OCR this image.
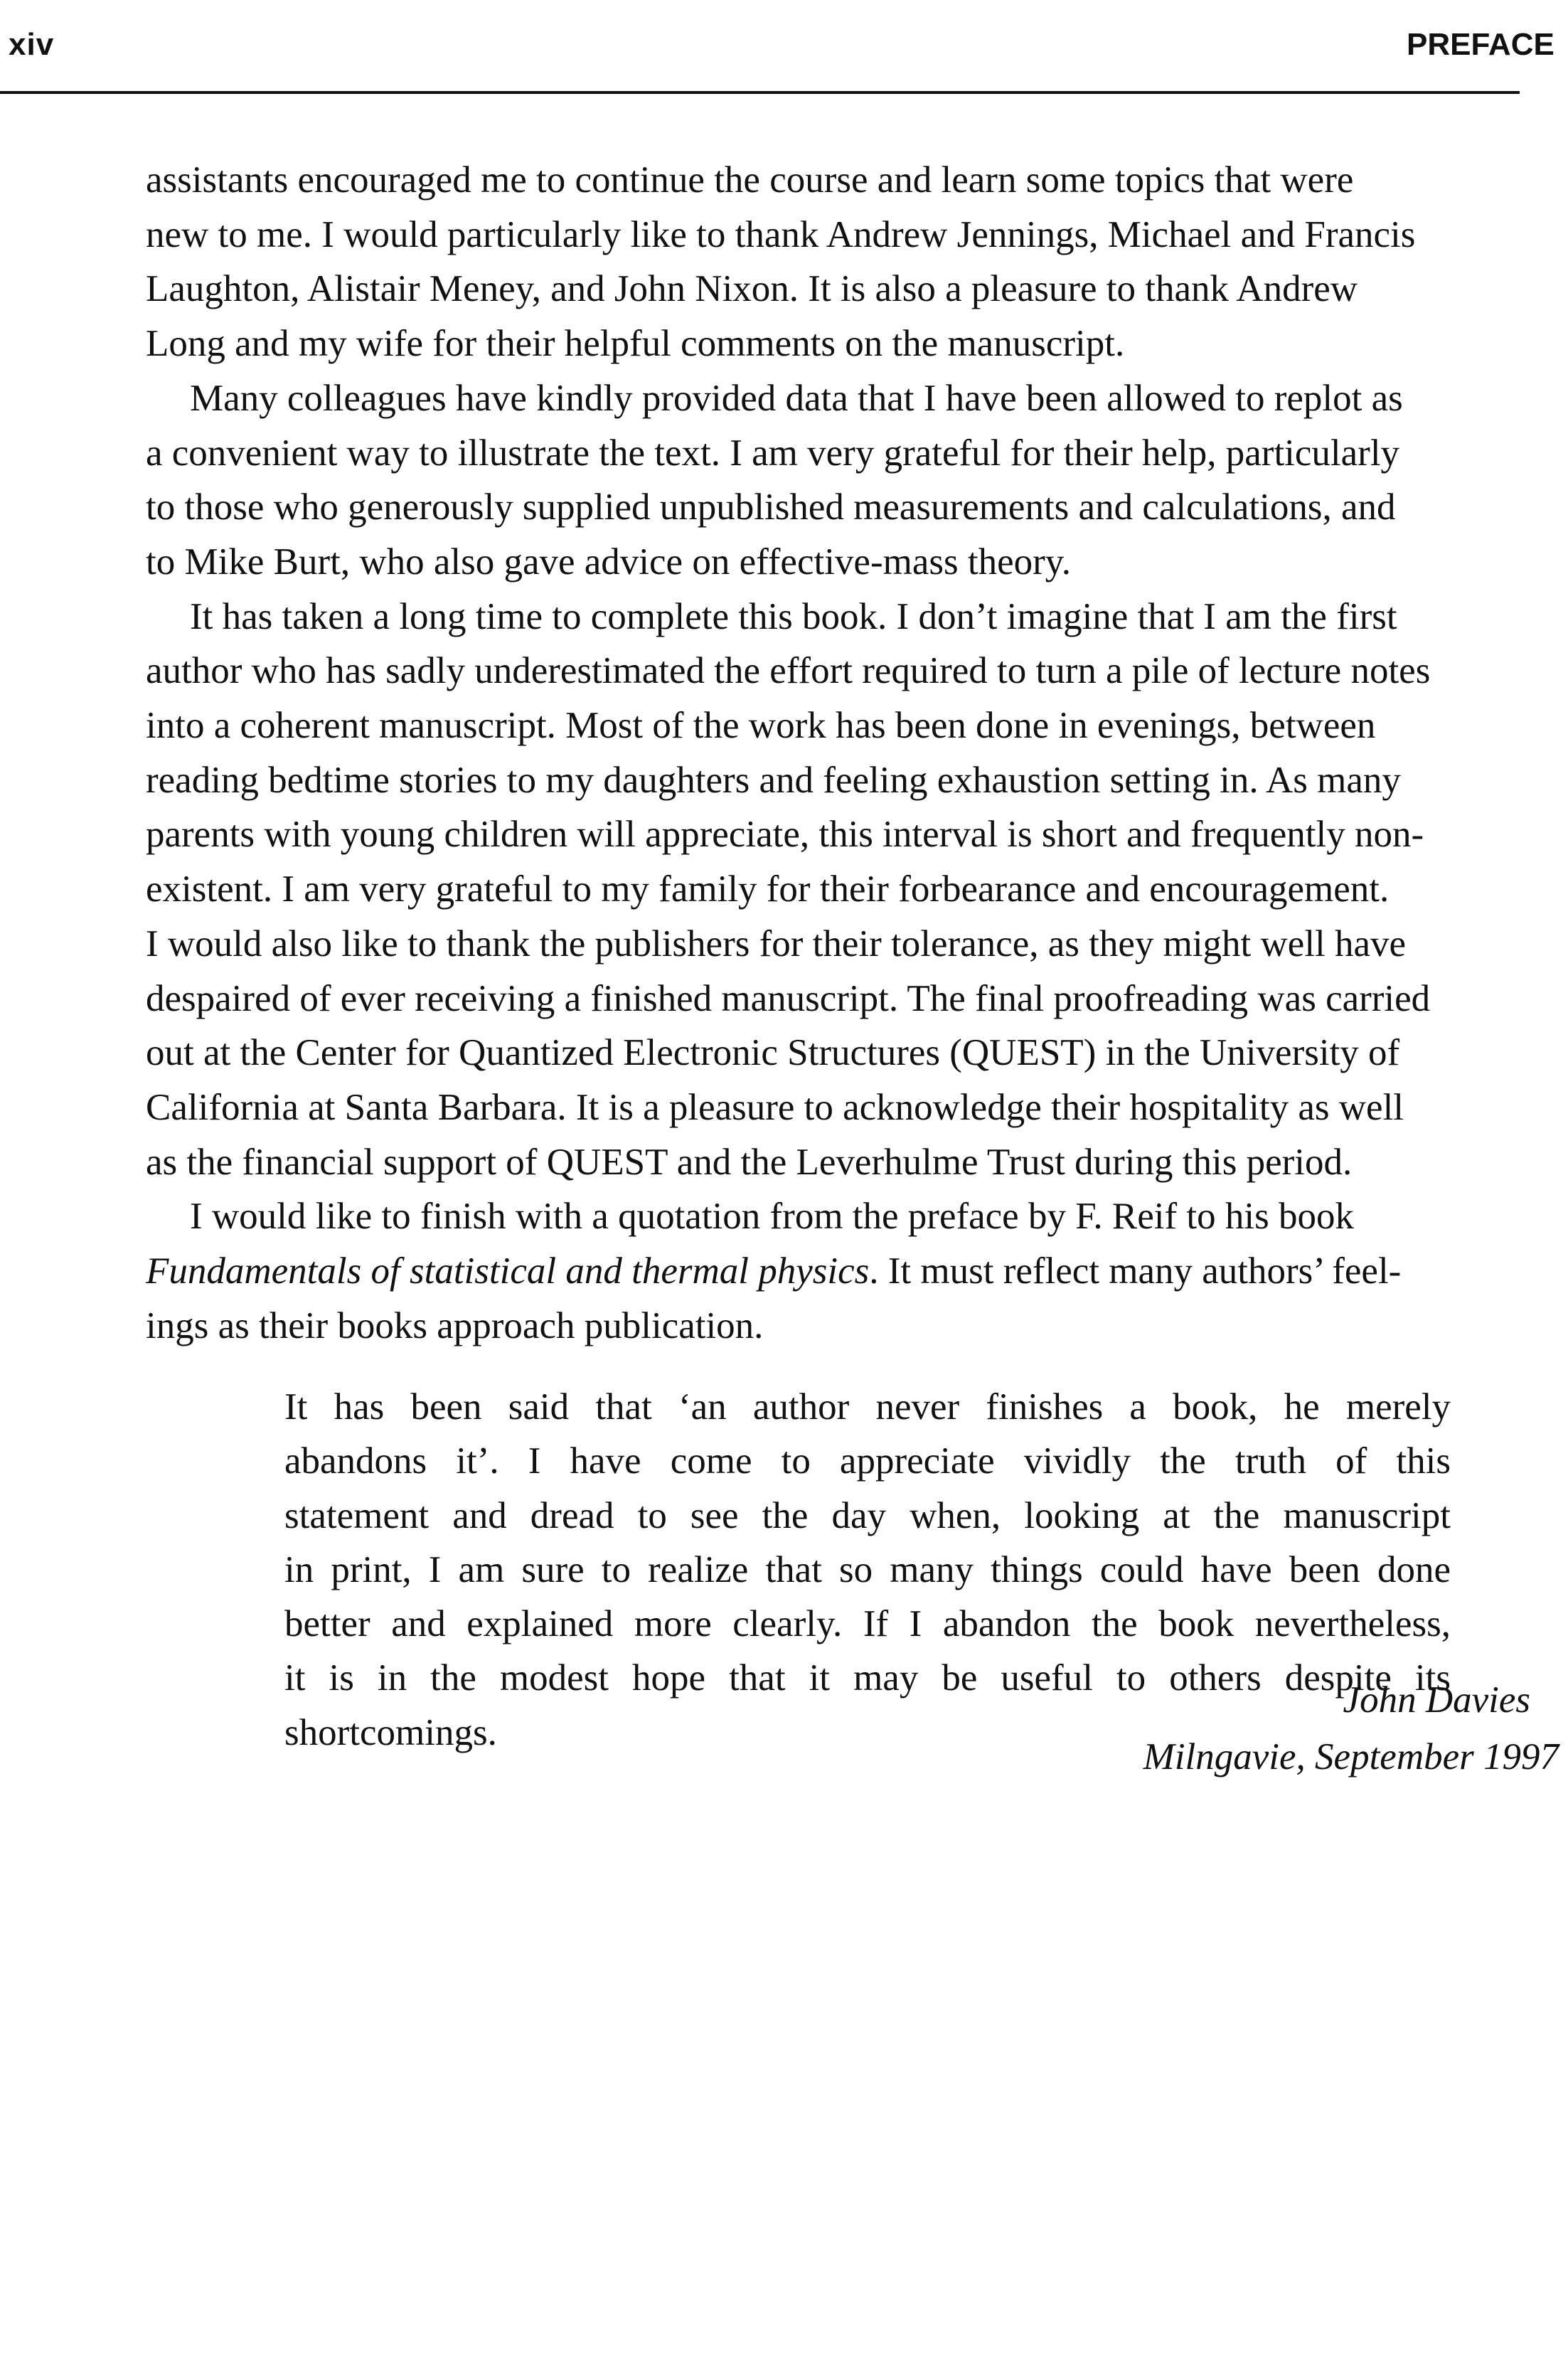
xiv	PREFACE

assistants encouraged me to continue the course and learn some topics that were
new to me. I would particularly like to thank Andrew Jennings, Michael and Francis
Laughton, Alistair Meney, and John Nixon. It is also a pleasure to thank Andrew
Long and my wife for their helpful comments on the manuscript.

Many colleagues have kindly provided data that I have been allowed to replot as
a convenient way to illustrate the text. I am very grateful for their help, particularly
to those who generously supplied unpublished measurements and calculations, and
to Mike Burt, who also gave advice on effective-mass theory.

It has taken a long time to complete this book. I don’t imagine that I am the first
author who has sadly underestimated the effort required to turn a pile of lecture notes
into a coherent manuscript. Most of the work has been done in evenings, between
reading bedtime stories to my daughters and feeling exhaustion setting in. As many
parents with young children will appreciate, this interval is short and frequently non-
existent. I am very grateful to my family for their forbearance and encouragement.
I would also like to thank the publishers for their tolerance, as they might well have
despaired of ever receiving a finished manuscript. The final proofreading was carried
out at the Center for Quantized Electronic Structures (QUEST) in the University of
California at Santa Barbara. It is a pleasure to acknowledge their hospitality as well
as the financial support of QUEST and the Leverhulme Trust during this period.

I would like to finish with a quotation from the preface by F. Reif to his book
Fundamentals of statistical and thermal physics. It must reflect many authors’ feel-
ings as their books approach publication.

It has been said that ‘an author never finishes a book, he merely
abandons it’. I have come to appreciate vividly the truth of this
statement and dread to see the day when, looking at the manuscript
in print, I am sure to realize that so many things could have been done
better and explained more clearly. If I abandon the book nevertheless,
it is in the modest hope that it may be useful to others despite its
shortcomings.
John Davies
Milngavie, September 1997
